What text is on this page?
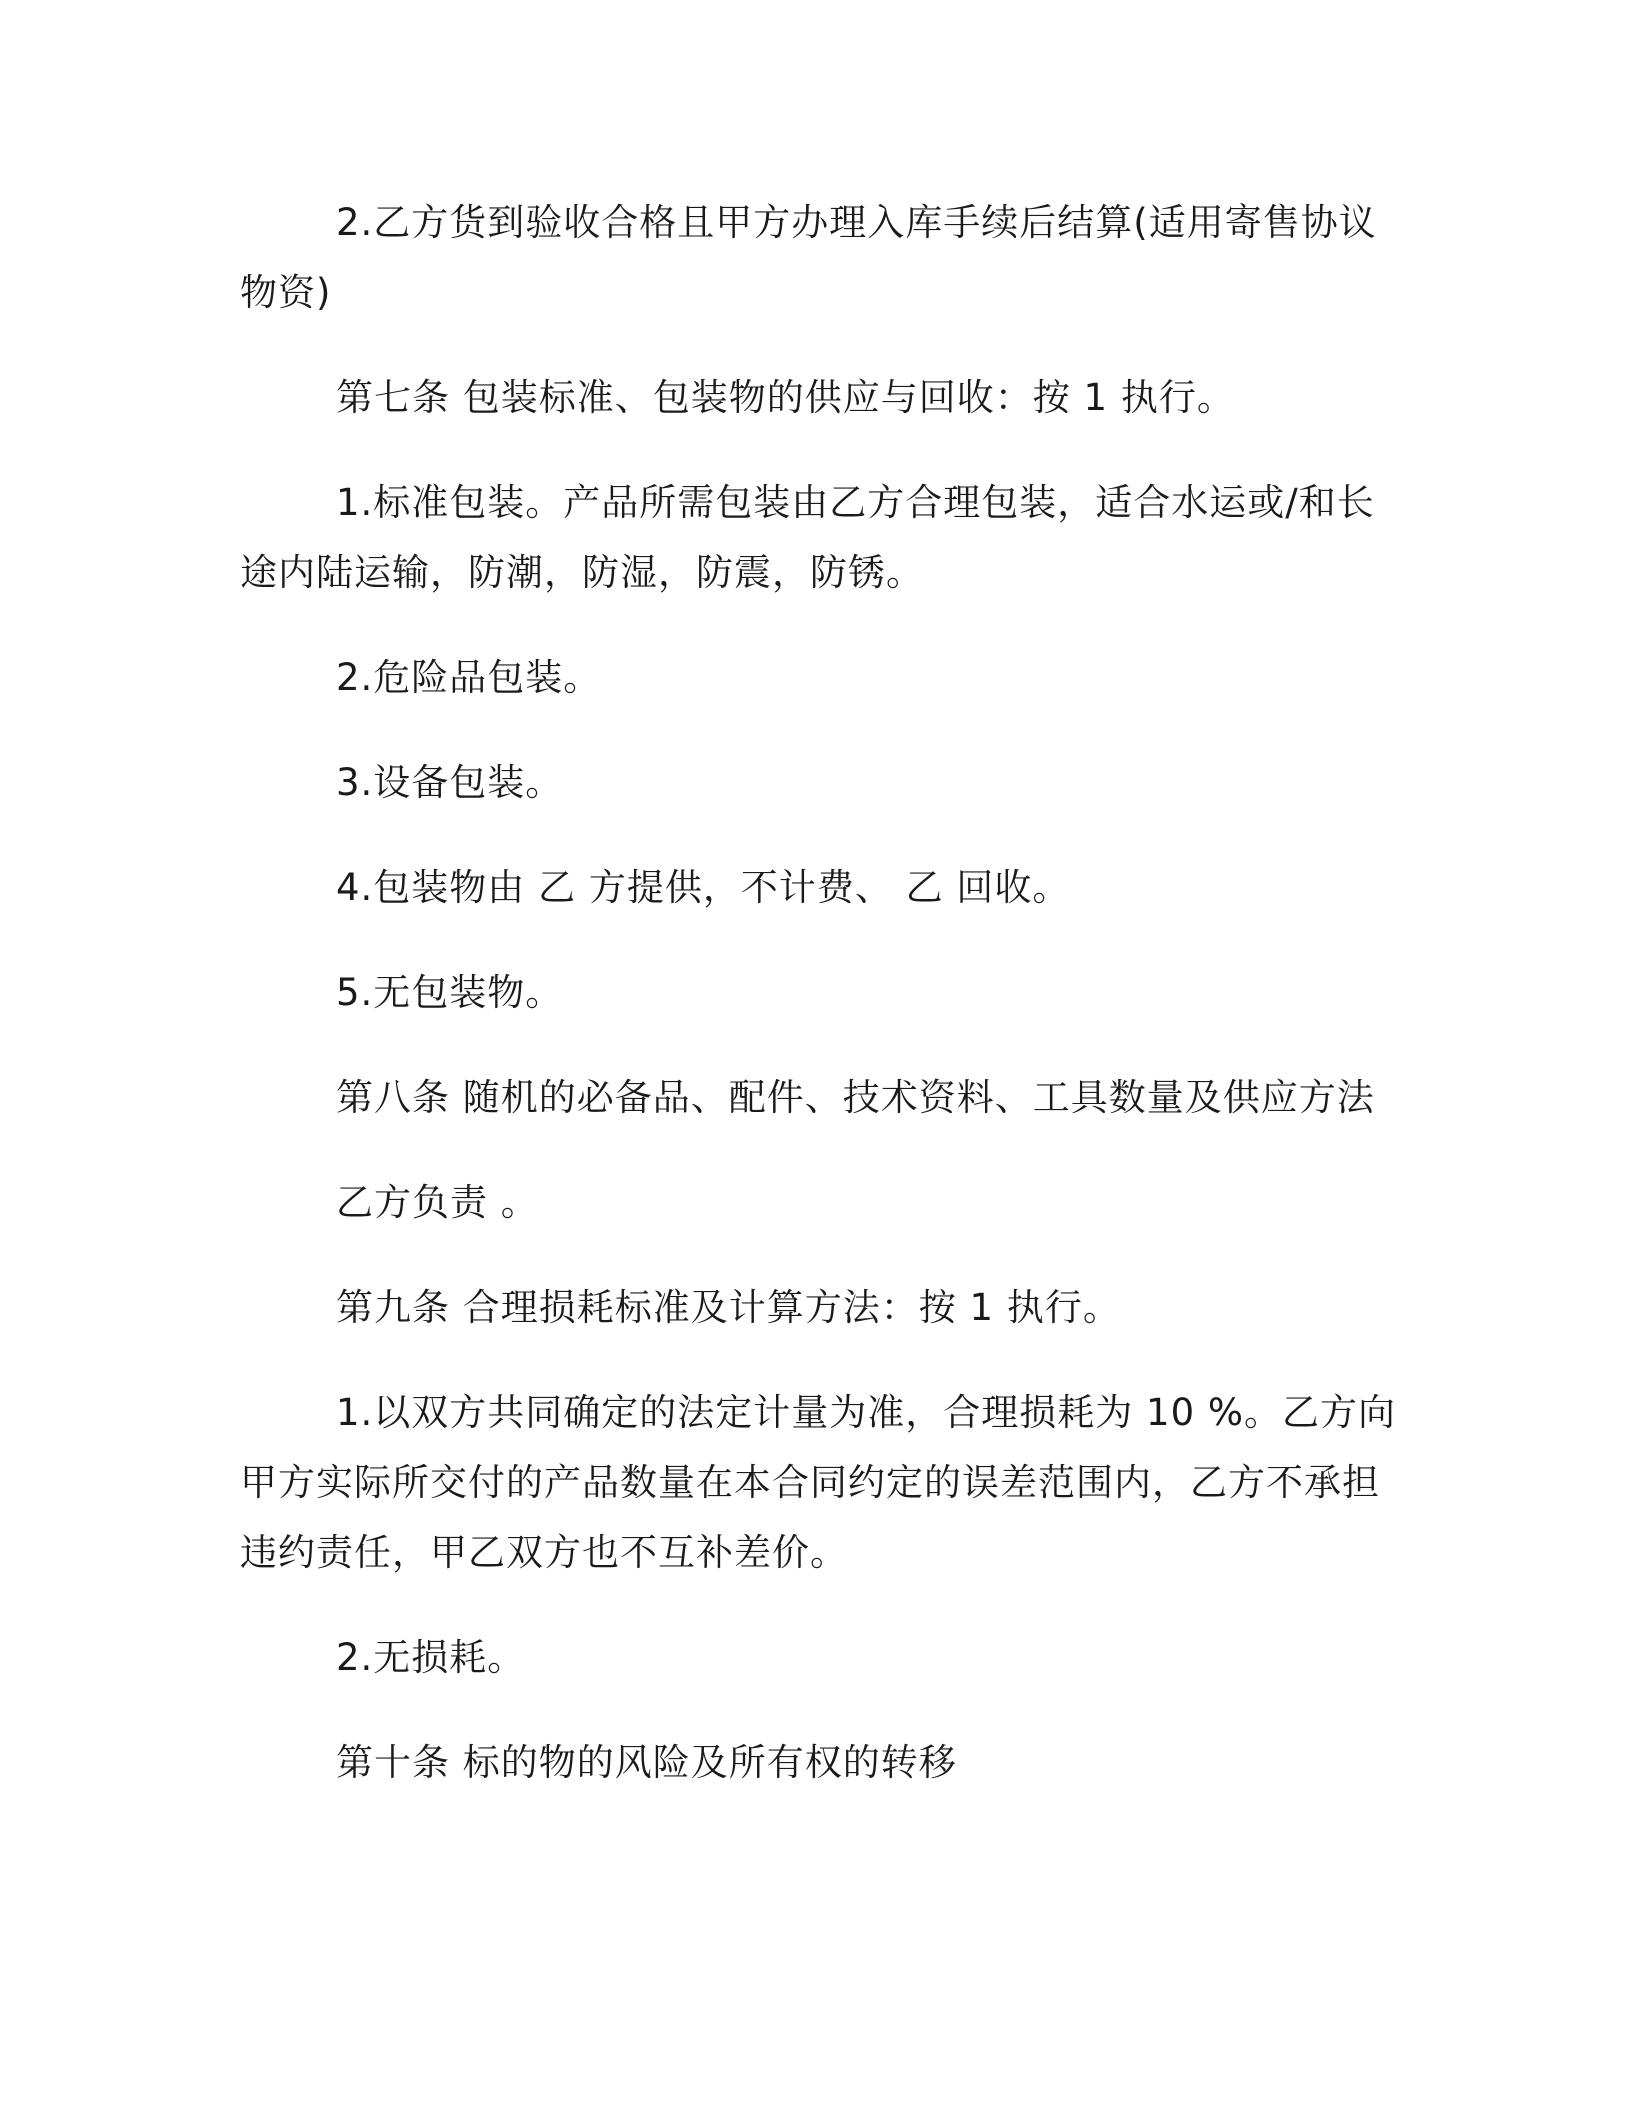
2.乙方货到验收合格且甲方办理入库手续后结算(适用寄售协议物资)

第七条 包装标准、包装物的供应与回收：按 1 执行。

1.标准包装。产品所需包装由乙方合理包装，适合水运或/和长途内陆运输，防潮，防湿，防震，防锈。

2.危险品包装。

3.设备包装。

4.包装物由 乙 方提供，不计费、 乙 回收。

5.无包装物。

第八条 随机的必备品、配件、技术资料、工具数量及供应方法

乙方负责 。

第九条 合理损耗标准及计算方法：按 1 执行。

1.以双方共同确定的法定计量为准，合理损耗为 10 %。乙方向甲方实际所交付的产品数量在本合同约定的误差范围内，乙方不承担违约责任，甲乙双方也不互补差价。

2.无损耗。

第十条 标的物的风险及所有权的转移
